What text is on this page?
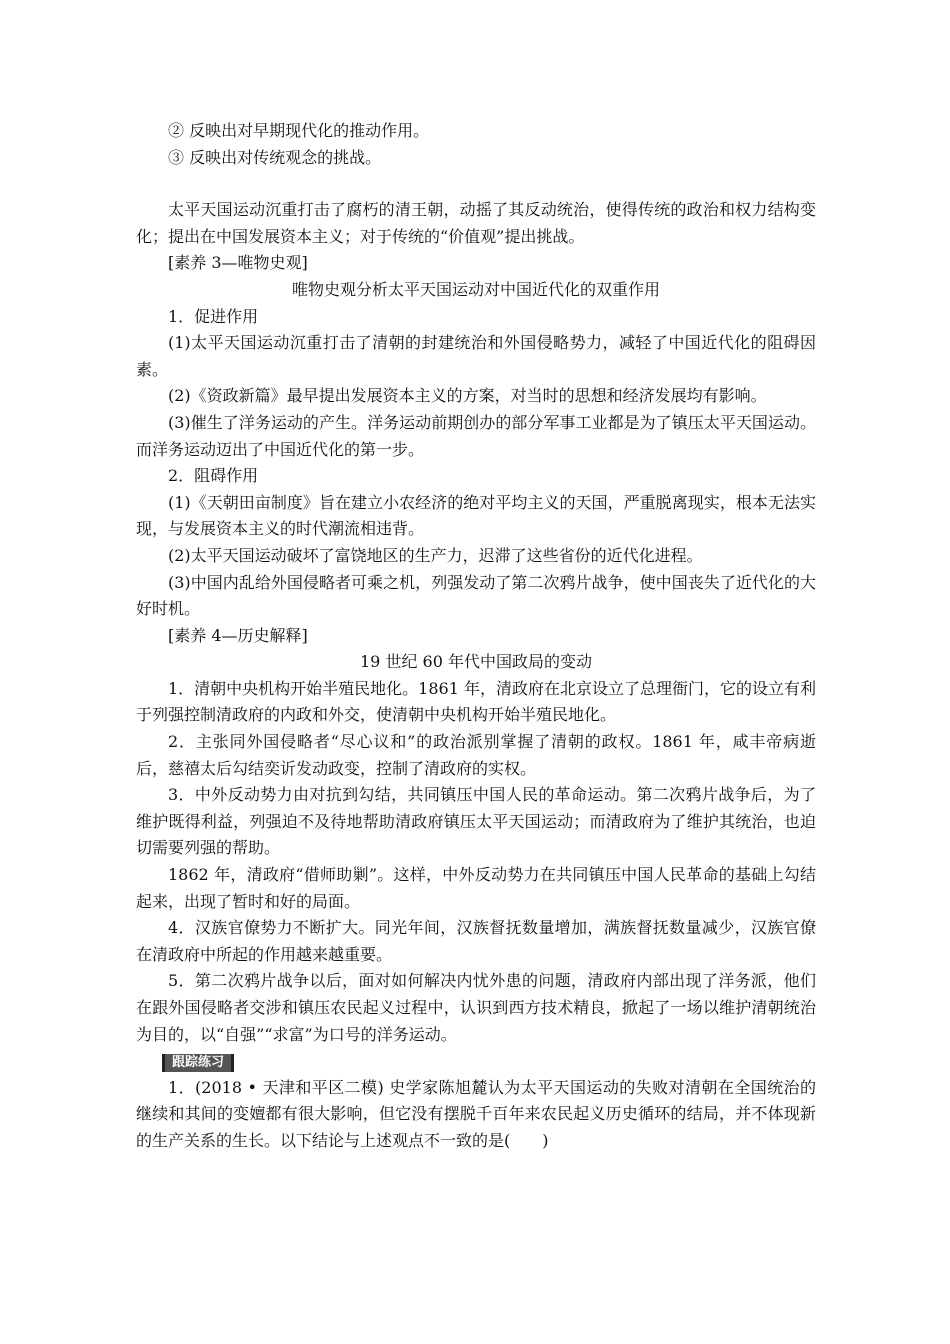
② 反映出对早期现代化的推动作用。

③ 反映出对传统观念的挑战。

太平天国运动沉重打击了腐朽的清王朝，动摇了其反动统治，使得传统的政治和权力结构变化；提出在中国发展资本主义；对于传统的“价值观”提出挑战。

[素养 3—唯物史观]

唯物史观分析太平天国运动对中国近代化的双重作用

1．促进作用

(1)太平天国运动沉重打击了清朝的封建统治和外国侵略势力，减轻了中国近代化的阻碍因素。

(2)《资政新篇》最早提出发展资本主义的方案，对当时的思想和经济发展均有影响。

(3)催生了洋务运动的产生。洋务运动前期创办的部分军事工业都是为了镇压太平天国运动。而洋务运动迈出了中国近代化的第一步。

2．阻碍作用

(1)《天朝田亩制度》旨在建立小农经济的绝对平均主义的天国，严重脱离现实，根本无法实现，与发展资本主义的时代潮流相违背。

(2)太平天国运动破坏了富饶地区的生产力，迟滞了这些省份的近代化进程。

(3)中国内乱给外国侵略者可乘之机，列强发动了第二次鸦片战争，使中国丧失了近代化的大好时机。

[素养 4—历史解释]

19 世纪 60 年代中国政局的变动

1．清朝中央机构开始半殖民地化。1861 年，清政府在北京设立了总理衙门，它的设立有利于列强控制清政府的内政和外交，使清朝中央机构开始半殖民地化。

2．主张同外国侵略者“尽心议和”的政治派别掌握了清朝的政权。1861 年，咸丰帝病逝后，慈禧太后勾结奕䜣发动政变，控制了清政府的实权。

3．中外反动势力由对抗到勾结，共同镇压中国人民的革命运动。第二次鸦片战争后，为了维护既得利益，列强迫不及待地帮助清政府镇压太平天国运动；而清政府为了维护其统治，也迫切需要列强的帮助。

1862 年，清政府“借师助剿”。这样，中外反动势力在共同镇压中国人民革命的基础上勾结起来，出现了暂时和好的局面。

4．汉族官僚势力不断扩大。同光年间，汉族督抚数量增加，满族督抚数量减少，汉族官僚在清政府中所起的作用越来越重要。

5．第二次鸦片战争以后，面对如何解决内忧外患的问题，清政府内部出现了洋务派，他们在跟外国侵略者交涉和镇压农民起义过程中，认识到西方技术精良，掀起了一场以维护清朝统治为目的，以“自强”“求富”为口号的洋务运动。

跟踪练习

1．(2018 • 天津和平区二模) 史学家陈旭麓认为太平天国运动的失败对清朝在全国统治的继续和其间的变嬗都有很大影响，但它没有摆脱千百年来农民起义历史循环的结局，并不体现新的生产关系的生长。以下结论与上述观点不一致的是(　　)
